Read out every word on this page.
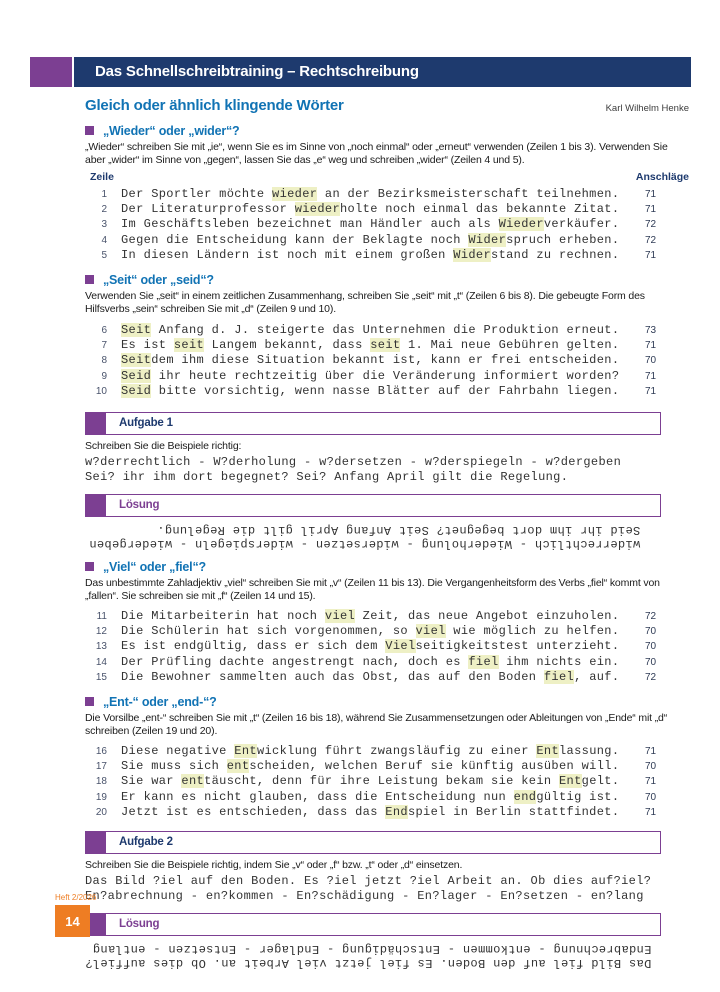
Das Schnellschreibtraining – Rechtschreibung
Gleich oder ähnlich klingende Wörter	Karl Wilhelm Henke
„Wieder“ oder „wider“?
„Wieder“ schreiben Sie mit „ie“, wenn Sie es im Sinne von „noch einmal“ oder „erneut“ verwenden (Zeilen 1 bis 3). Verwenden Sie aber „wider“ im Sinne von „gegen“, lassen Sie das „e“ weg und schreiben „wider“ (Zeilen 4 und 5).
Zeile	Anschläge
1 Der Sportler möchte wieder an der Bezirksmeisterschaft teilnehmen.	71
2 Der Literaturprofessor wiederholte noch einmal das bekannte Zitat.	71
3 Im Geschäftsleben bezeichnet man Händler auch als Wiederverkäufer.	72
4 Gegen die Entscheidung kann der Beklagte noch Widerspruch erheben.	72
5 In diesen Ländern ist noch mit einem großen Widerstand zu rechnen.	71
„Seit“ oder „seid“?
Verwenden Sie „seit“ in einem zeitlichen Zusammenhang, schreiben Sie „seit“ mit „t“ (Zeilen 6 bis 8). Die gebeugte Form des Hilfsverbs „sein“ schreiben Sie mit „d“ (Zeilen 9 und 10).
6 Seit Anfang d. J. steigerte das Unternehmen die Produktion erneut.	73
7 Es ist seit Langem bekannt, dass seit 1. Mai neue Gebühren gelten.	71
8 Seitdem ihm diese Situation bekannt ist, kann er frei entscheiden.	70
9 Seid ihr heute rechtzeitig über die Veränderung informiert worden?	71
10 Seid bitte vorsichtig, wenn nasse Blätter auf der Fahrbahn liegen.	71
Aufgabe 1
Schreiben Sie die Beispiele richtig:
w?derrechtlich - W?derholung - w?dersetzen - w?derspiegeln - w?dergeben
Sei? ihr ihm dort begegnet? Sei? Anfang April gilt die Regelung.
Lösung
widerrechtlich - Wiederholung - widersetzen - widerspiegeln - wiedergeben
Seid ihr ihm dort begegnet? Seit Anfang April gilt die Regelung.
„Viel“ oder „fiel“?
Das unbestimmte Zahladjektiv „viel“ schreiben Sie mit „v“ (Zeilen 11 bis 13). Die Vergangenheitsform des Verbs „fiel“ kommt von „fallen“. Sie schreiben sie mit „f“ (Zeilen 14 und 15).
11 Die Mitarbeiterin hat noch viel Zeit, das neue Angebot einzuholen.	72
12 Die Schülerin hat sich vorgenommen, so viel wie möglich zu helfen.	70
13 Es ist endgültig, dass er sich dem Vielseitigkeitstest unterzieht.	70
14 Der Prüfling dachte angestrengt nach, doch es fiel ihm nichts ein.	70
15 Die Bewohner sammelten auch das Obst, das auf den Boden fiel, auf.	72
„Ent-“ oder „end-“?
Die Vorsilbe „ent-“ schreiben Sie mit „t“ (Zeilen 16 bis 18), während Sie Zusammensetzungen oder Ableitungen von „Ende“ mit „d“ schreiben (Zeilen 19 und 20).
16 Diese negative Entwicklung führt zwangsläufig zu einer Entlassung.	71
17 Sie muss sich entscheiden, welchen Beruf sie künftig ausüben will.	70
18 Sie war enttäuscht, denn für ihre Leistung bekam sie kein Entgelt.	71
19 Er kann es nicht glauben, dass die Entscheidung nun endgültig ist.	70
20 Jetzt ist es entschieden, dass das Endspiel in Berlin stattfindet.	71
Aufgabe 2
Schreiben Sie die Beispiele richtig, indem Sie „v“ oder „f“ bzw. „t“ oder „d“ einsetzen.
Das Bild ?iel auf den Boden. Es ?iel jetzt ?iel Arbeit an. Ob dies auf?iel?
En?abrechnung - en?kommen - En?schädigung - En?lager - En?setzen - en?lang
Lösung
Das Bild fiel auf den Boden. Es fiel jetzt viel Arbeit an. Ob dies auffiel?
Endabrechnung - entkommen - Entschädigung - Endlager - Entsetzen - entlang
Heft 2/2026
14
